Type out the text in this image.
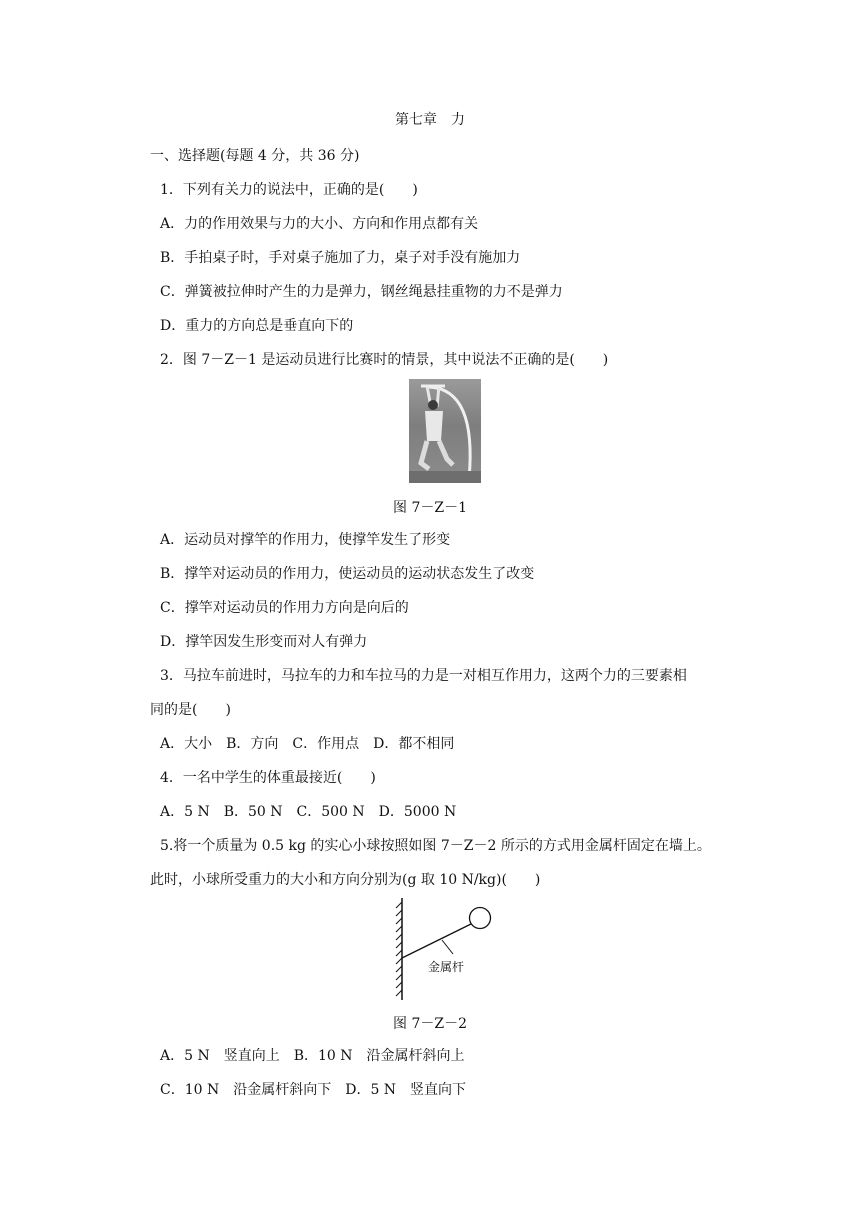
第七章　力
一、选择题(每题 4 分，共 36 分)
1．下列有关力的说法中，正确的是(　　)
A．力的作用效果与力的大小、方向和作用点都有关
B．手拍桌子时，手对桌子施加了力，桌子对手没有施加力
C．弹簧被拉伸时产生的力是弹力，钢丝绳悬挂重物的力不是弹力
D．重力的方向总是垂直向下的
2．图 7－Z－1 是运动员进行比赛时的情景，其中说法不正确的是(　　)
图 7－Z－1
A．运动员对撑竿的作用力，使撑竿发生了形变
B．撑竿对运动员的作用力，使运动员的运动状态发生了改变
C．撑竿对运动员的作用力方向是向后的
D．撑竿因发生形变而对人有弹力
3．马拉车前进时，马拉车的力和车拉马的力是一对相互作用力，这两个力的三要素相
同的是(　　)
A．大小　B．方向　C．作用点　D．都不相同
4．一名中学生的体重最接近(　　)
A．5 N　B．50 N　C．500 N　D．5000 N
5.将一个质量为 0.5 kg 的实心小球按照如图 7－Z－2 所示的方式用金属杆固定在墙上。
此时，小球所受重力的大小和方向分别为(g 取 10 N/kg)(　　)
金属杆
图 7－Z－2
A．5 N　竖直向上　B．10 N　沿金属杆斜向上
C．10 N　沿金属杆斜向下　D．5 N　竖直向下
